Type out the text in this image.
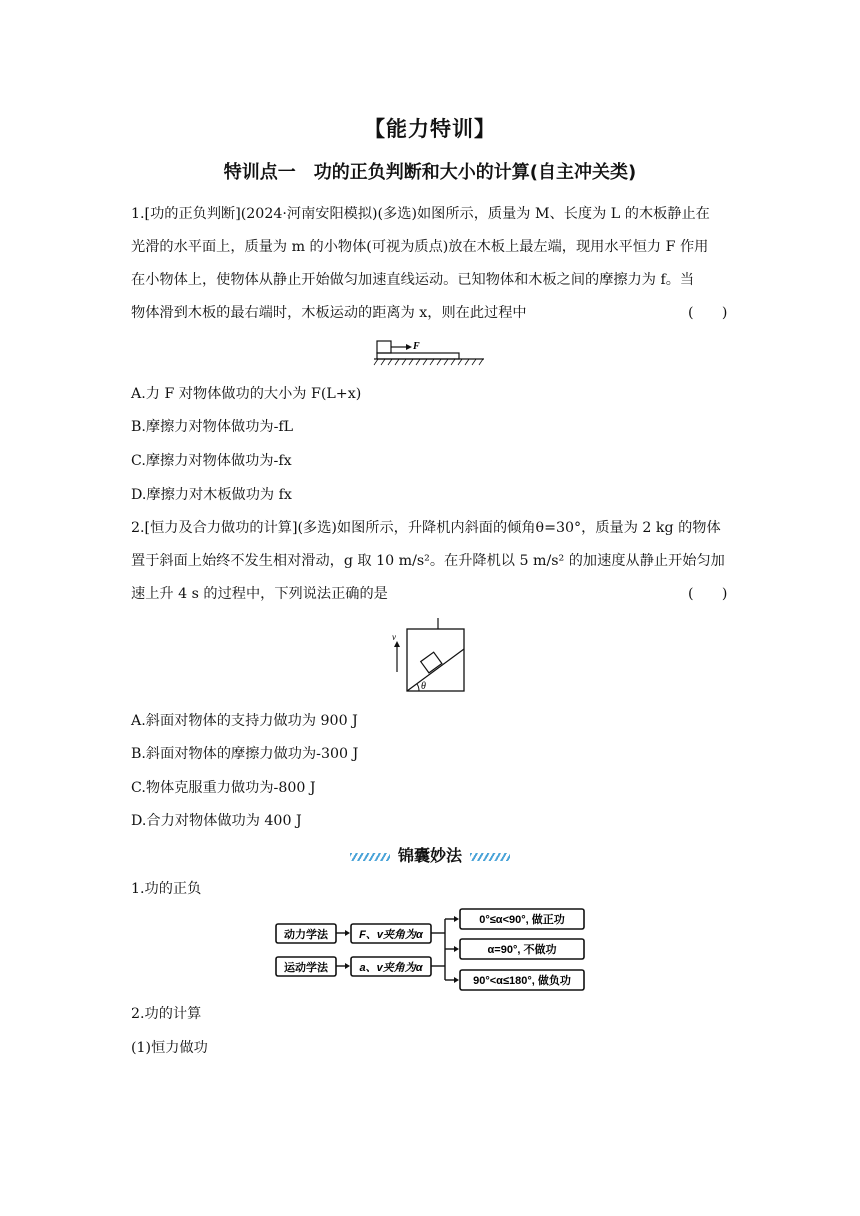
【能力特训】
特训点一　功的正负判断和大小的计算(自主冲关类)
1.[功的正负判断](2024·河南安阳模拟)(多选)如图所示，质量为 M、长度为 L 的木板静止在
光滑的水平面上，质量为 m 的小物体(可视为质点)放在木板上最左端，现用水平恒力 F 作用
在小物体上，使物体从静止开始做匀加速直线运动。已知物体和木板之间的摩擦力为 f。当
物体滑到木板的最右端时，木板运动的距离为 x，则在此过程中	(　　)
F
A.力 F 对物体做功的大小为 F(L+x)
B.摩擦力对物体做功为-fL
C.摩擦力对物体做功为-fx
D.摩擦力对木板做功为 fx
2.[恒力及合力做功的计算](多选)如图所示，升降机内斜面的倾角θ=30°，质量为 2 kg 的物体
置于斜面上始终不发生相对滑动，g 取 10 m/s²。在升降机以 5 m/s² 的加速度从静止开始匀加
速上升 4 s 的过程中，下列说法正确的是	(　　)
θ
v
A.斜面对物体的支持力做功为 900 J
B.斜面对物体的摩擦力做功为-300 J
C.物体克服重力做功为-800 J
D.合力对物体做功为 400 J
锦囊妙法
1.功的正负
动力学法
运动学法
F、v夹角为α
a、v夹角为α
0°≤α<90°, 做正功
α=90°, 不做功
90°<α≤180°, 做负功
2.功的计算
(1)恒力做功
